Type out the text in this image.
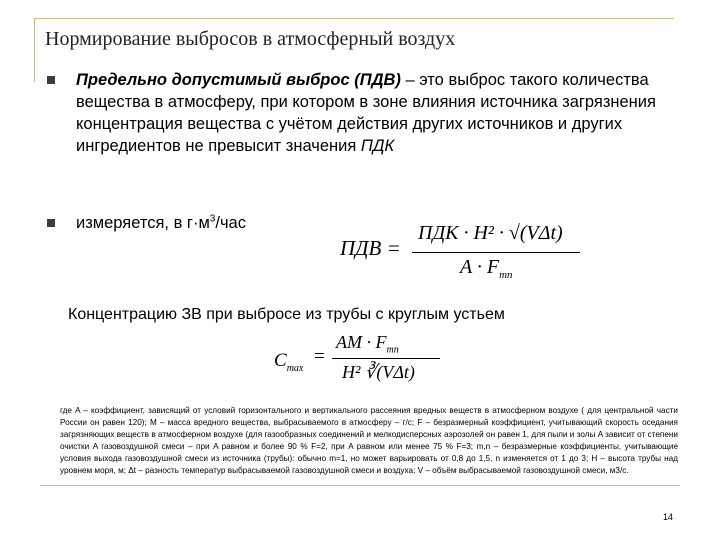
Нормирование выбросов в атмосферный воздух
Предельно допустимый выброс (ПДВ) – это выброс такого количества вещества в атмосферу, при котором в зоне влияния источника загрязнения концентрация вещества с учётом действия других источников и других ингредиентов не превысит значения ПДК
измеряется, в $г\cdot м^3$/час
ПДВ =
ПДК · H² · √(VΔt)
$A \cdot F_{mn}$
Концентрацию ЗВ при выбросе из трубы с круглым устьем
$C_{max}$
=
AM · $F_{mn}$
H² ∛(VΔt)
где A – коэффициент, зависящий от условий горизонтального и вертикального рассеяния вредных веществ в атмосферном воздухе ( для центральной части России он равен 120); M – масса вредного вещества, выбрасываемого в атмосферу – г/с; F – безразмерный коэффициент, учитывающий скорость оседания загрязняющих веществ в атмосферном воздухе (для газообразных соединений и мелкодисперсных аэрозолей он равен 1, для пыли и золы A зависит от степени очистки A газовоздушной смеси – при A равном и более 90 % F=2, при A равном или менее 75 % F=3; m,n – безразмерные коэффициенты, учитывающие условия выхода газовоздушной смеси из источника (трубы): обычно m=1, но может варьировать от 0,8 до 1,5, n изменяется от 1 до 3; H – высота трубы над уровнем моря, м; Δt – разность температур выбрасываемой газовоздушной смеси и воздуха; V – объём выбрасываемой газовоздушной смеси, м3/с.
14
